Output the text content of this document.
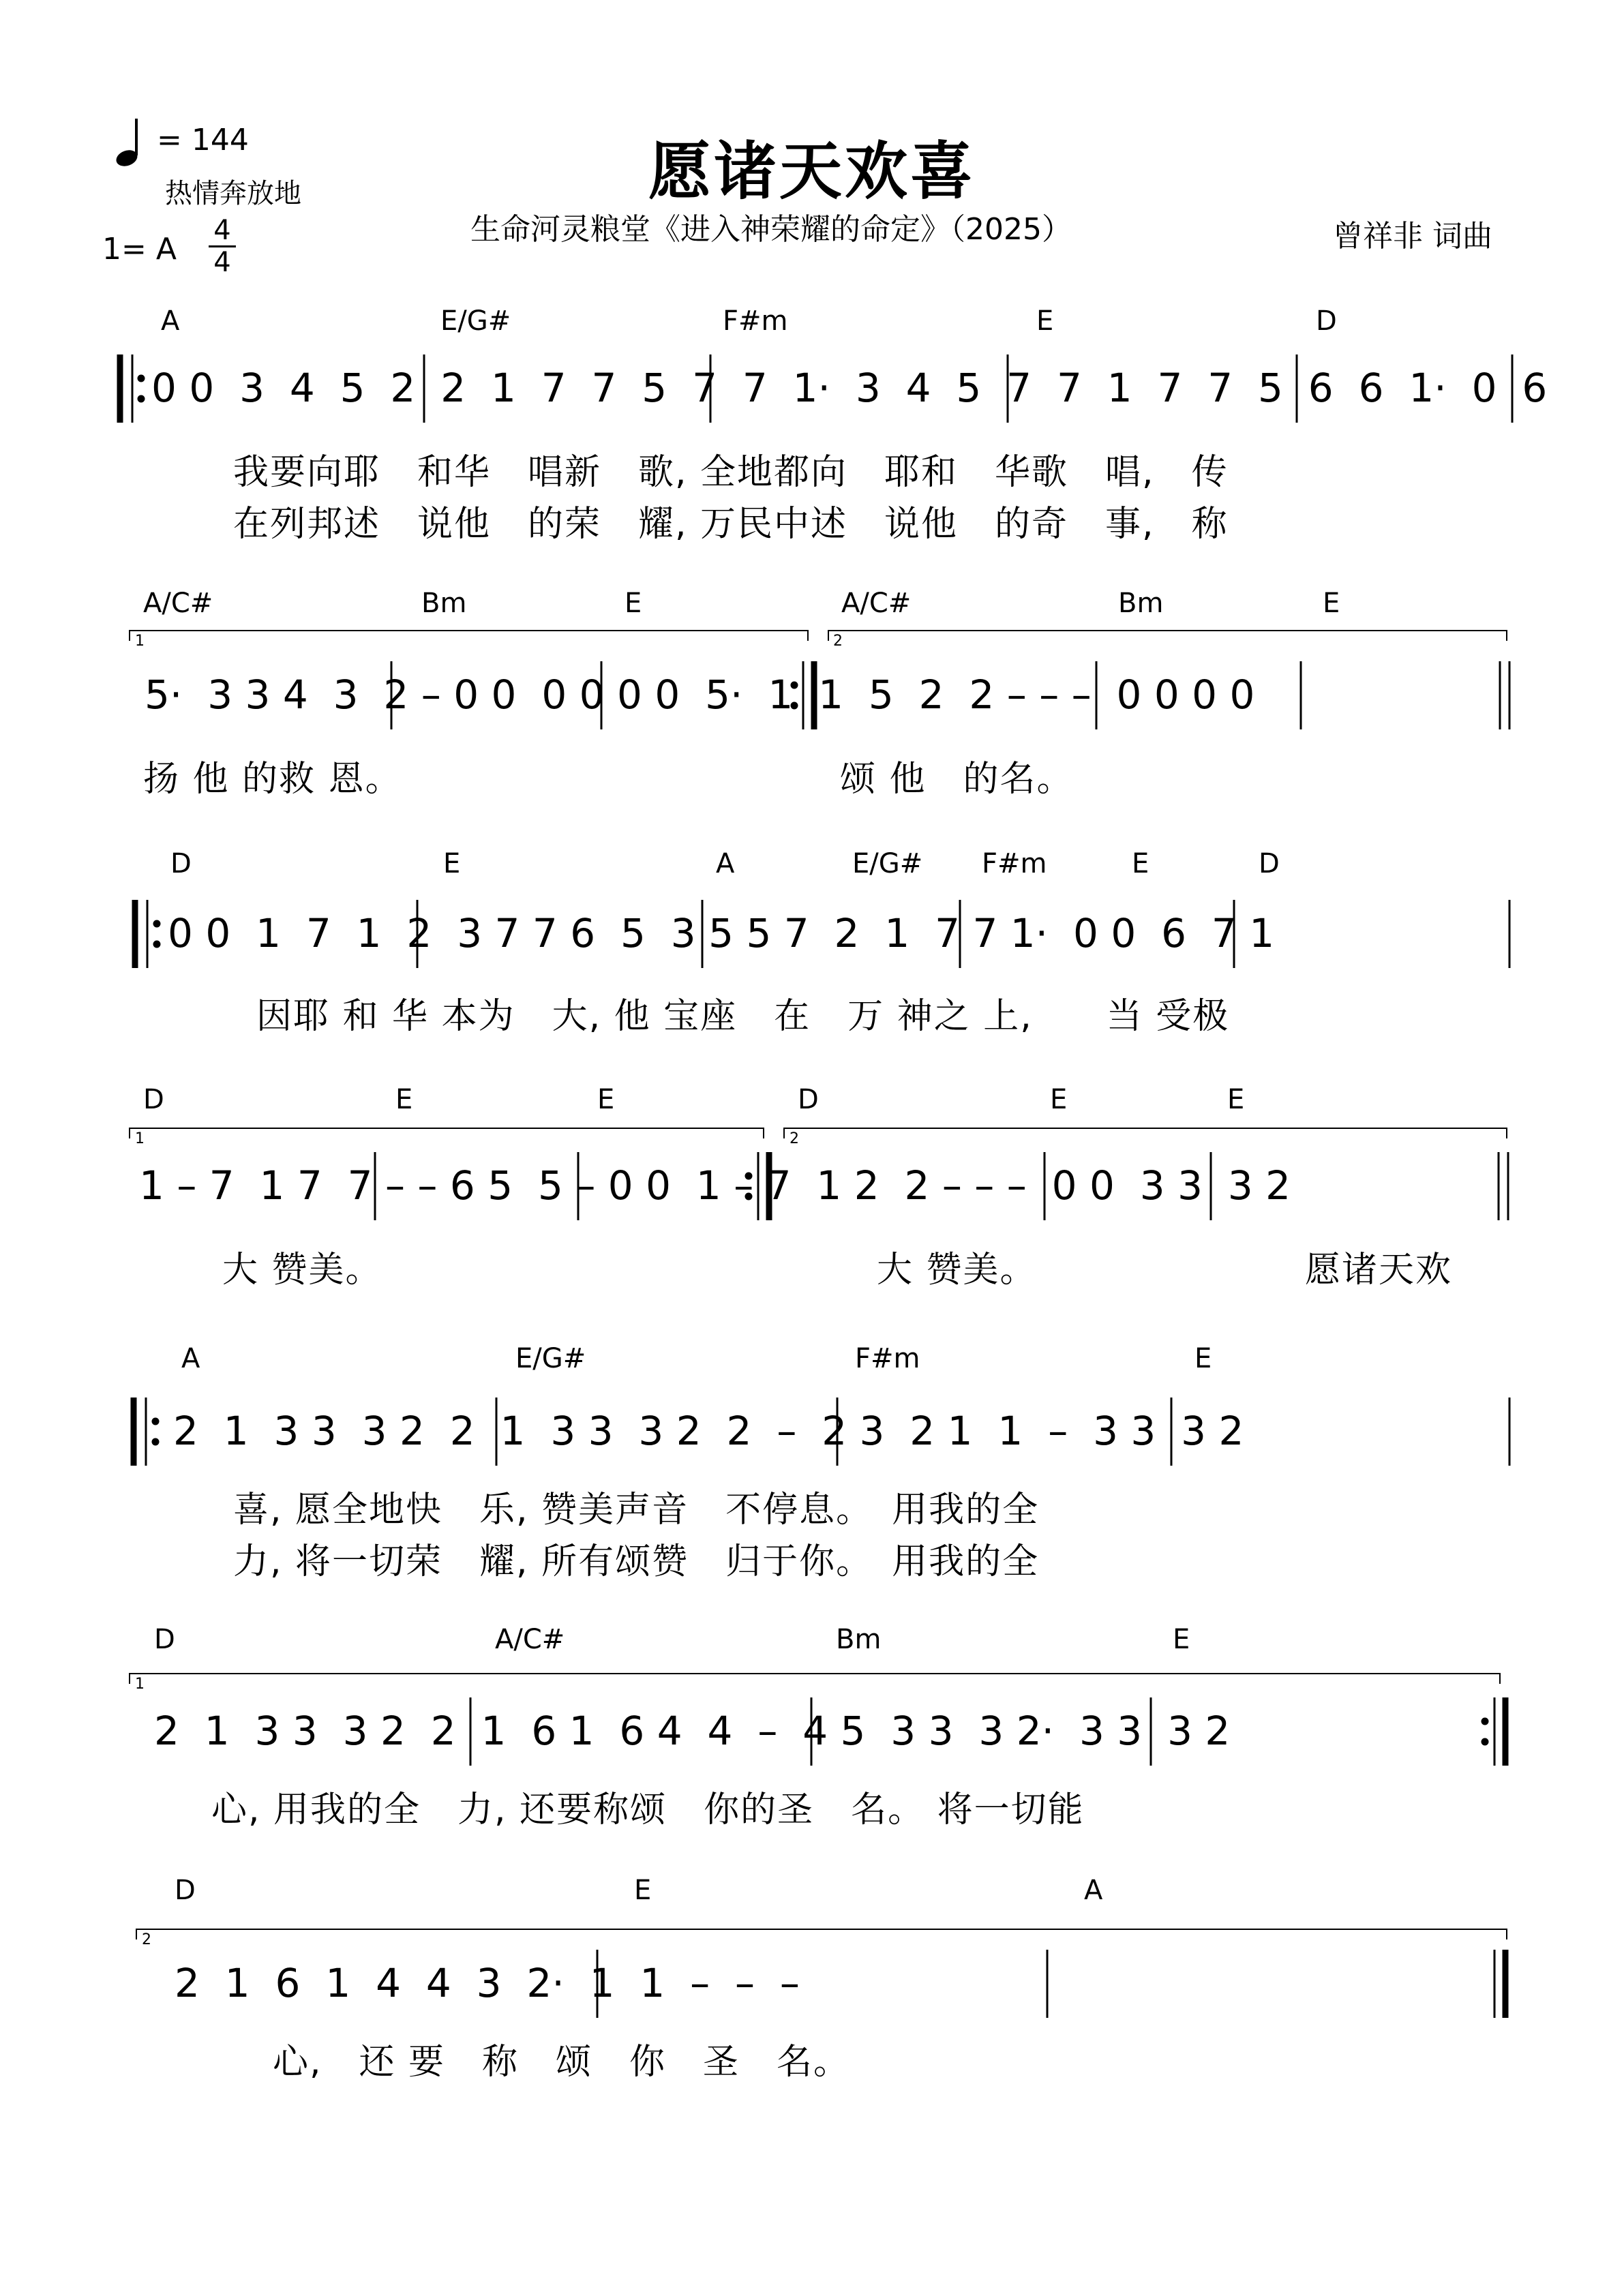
愿诸天欢喜
生命河灵粮堂《进入神荣耀的命定》（2025）	曾祥非 词曲
= 144
热情奔放地
1= A
4
4
1	2
1	2
1
2
A	E/G#	F#m	E	D
0 0  3  4  5  2  2  1  7  7  5  7  7  1·  3  4  5  7  7  1  7  7  5  6  6  1·  0  6
我要向耶　和华　唱新　歌, 全地都向　耶和　华歌　唱,　传
在列邦述　说他　的荣　耀, 万民中述　说他　的奇　事,　称
A/C#	Bm	E	A/C#	Bm	E
5·  3 3 4  3  2 – 0 0  0 0 0 0  5·  1  1  5  2  2 – – –  0 0 0 0
扬 他 的救 恩。	颂 他　的名。
D	E	A	E/G# F#m	E	D
0 0  1  7  1  2  3 7 7 6  5  3 5 5 7  2  1  7 7 1·  0 0  6  7 1
因耶 和 华 本为　大, 他 宝座　在　万 神之 上,　　当 受极
D	E	E	D	E	E
1 – 7  1 7  7 – – 6 5  5 – 0 0  1 – 7  1 2  2 – – –  0 0  3 3  3 2
大 赞美。	大 赞美。	愿诸天欢
A	E/G#	F#m	E
2  1  3 3  3 2  2  1  3 3  3 2  2  –  2 3  2 1  1  –  3 3  3 2
喜, 愿全地快　乐, 赞美声音　不停息。　用我的全
力, 将一切荣　耀, 所有颂赞　归于你。　用我的全
D	A/C#	Bm	E
2  1  3 3  3 2  2  1  6 1  6 4  4  –  4 5  3 3  3 2·  3 3  3 2
心, 用我的全　力, 还要称颂　你的圣　名。 将一切能
D	E	A
2  1  6  1  4  4  3  2·  1  1  –  –  –
心,　还 要　称　颂　你　圣　名。
